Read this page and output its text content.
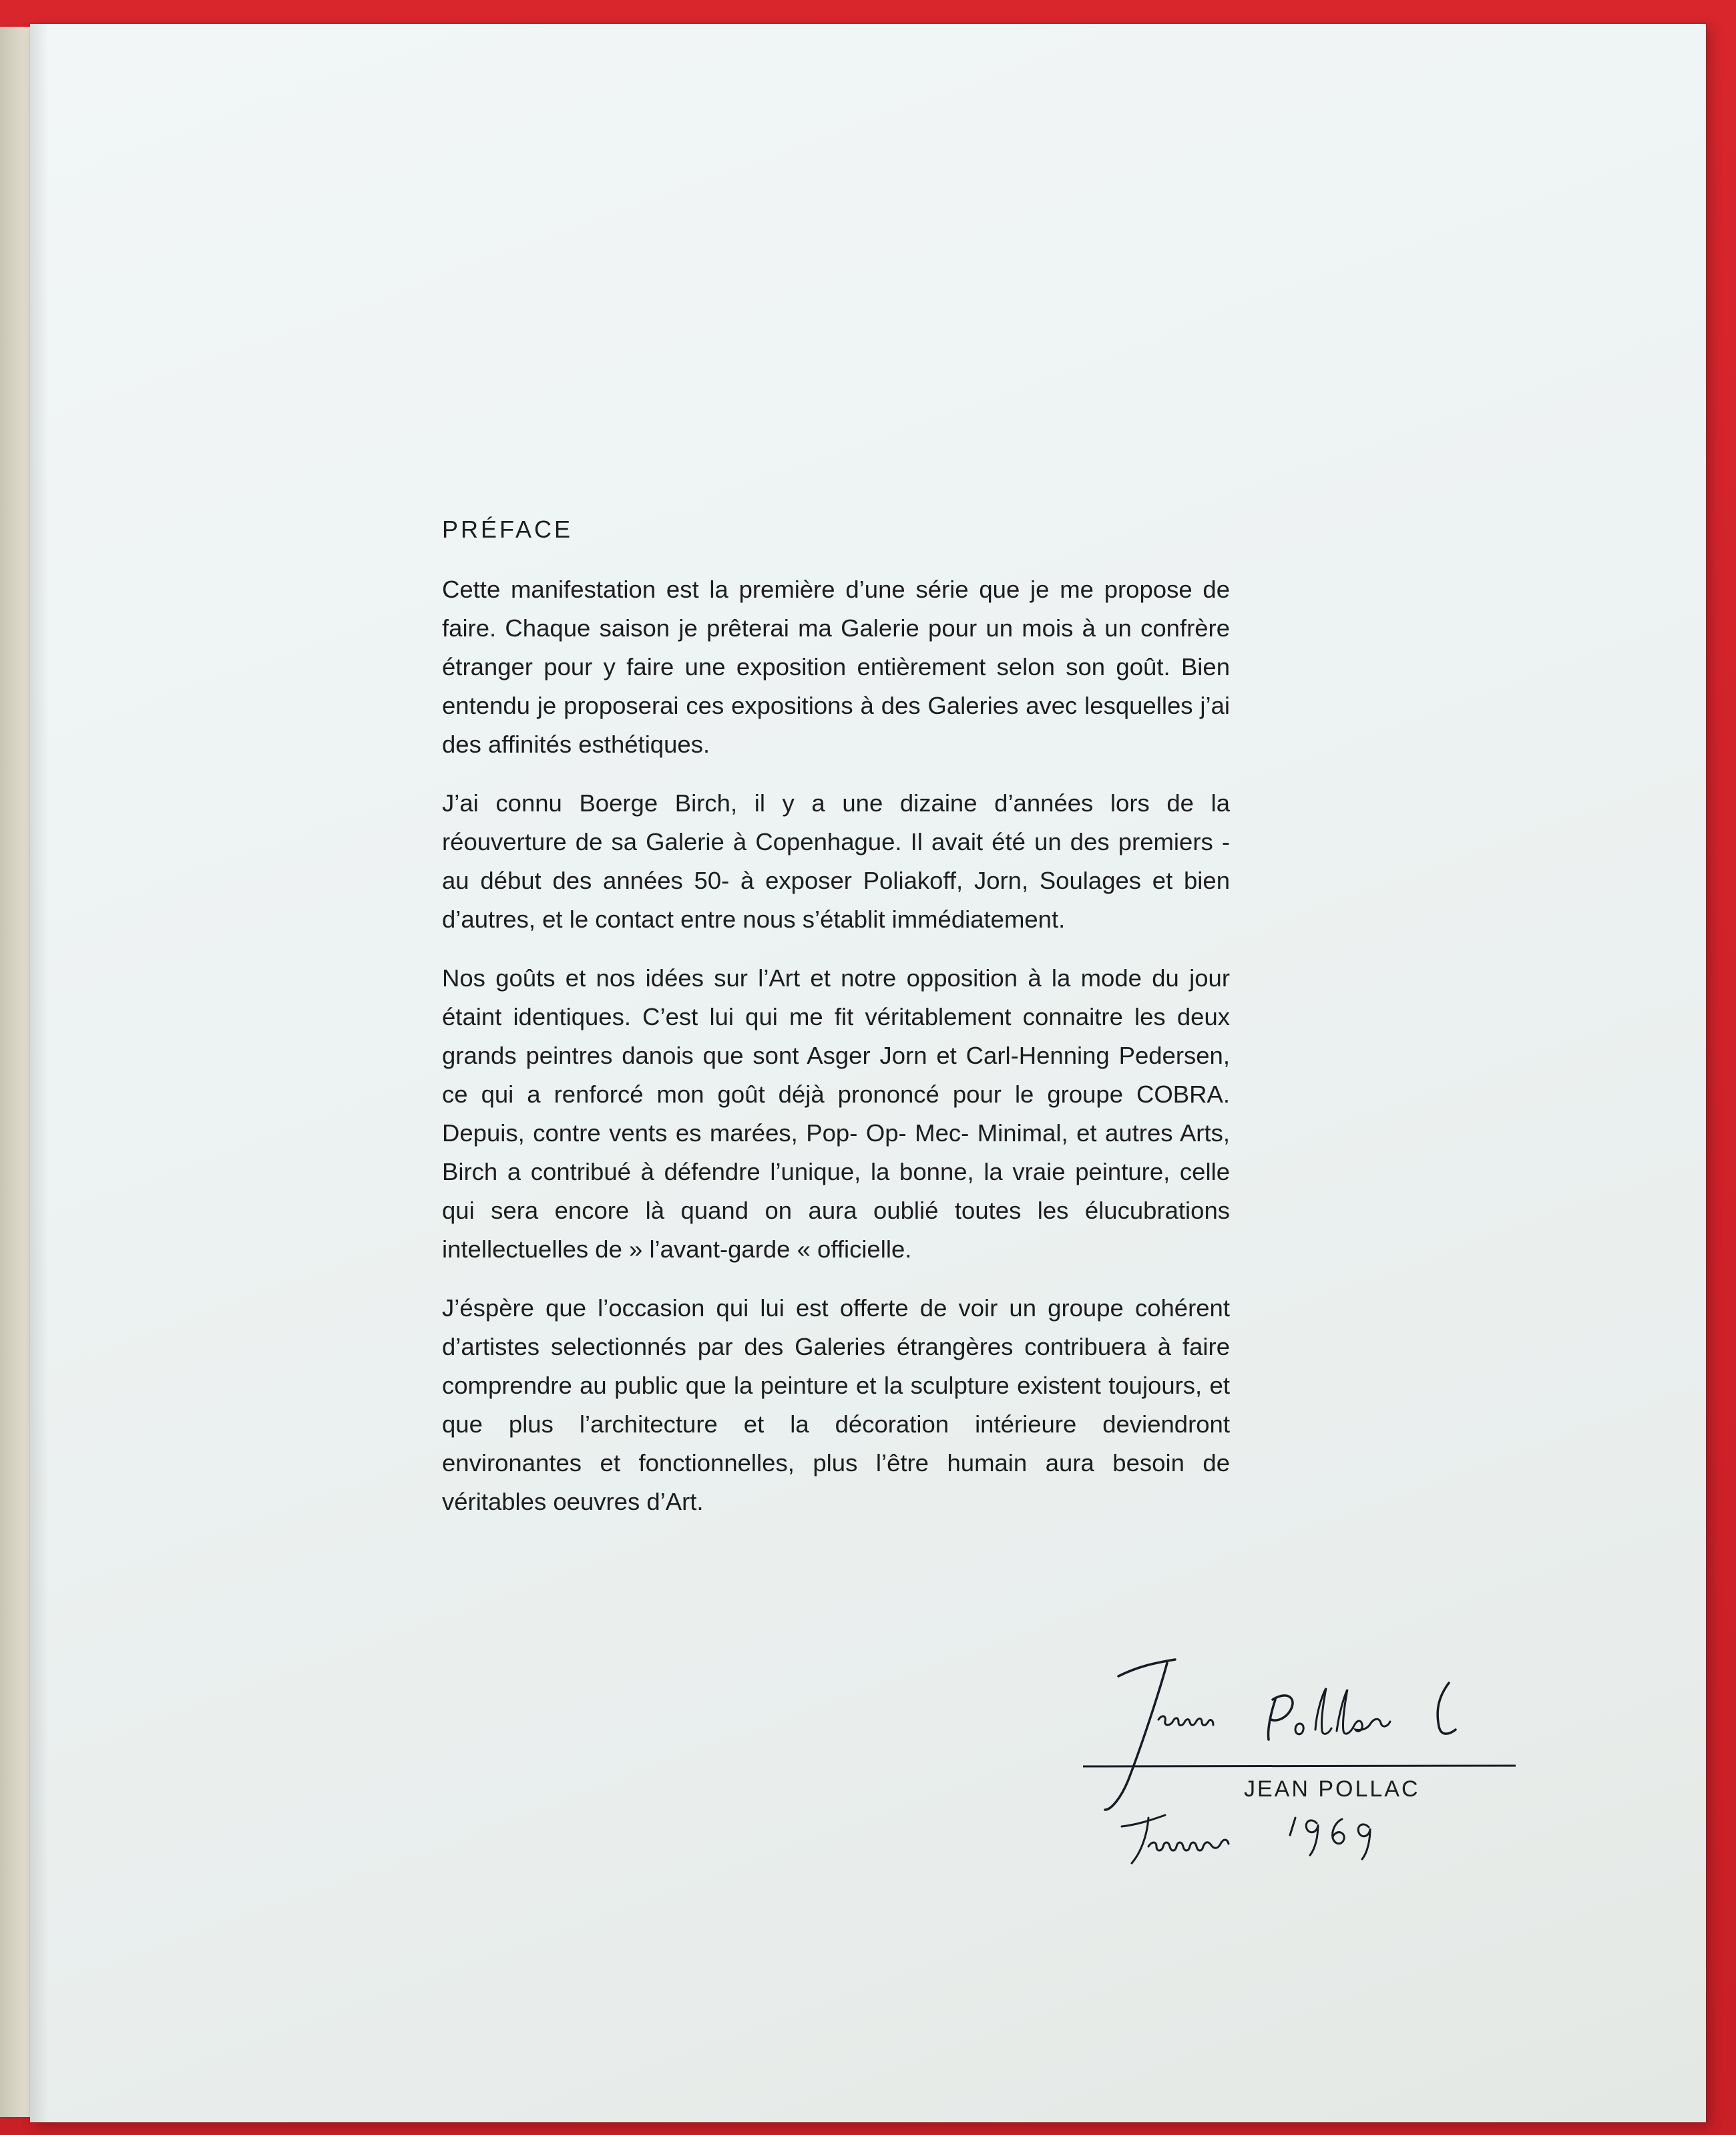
PRÉFACE

Cette manifestation est la première d’une série que je me propose de faire. Chaque saison je prêterai ma Galerie pour un mois à un confrère étranger pour y faire une exposition entièrement selon son goût. Bien entendu je proposerai ces expositions à des Galeries avec lesquelles j’ai des affinités esthétiques.

J’ai connu Boerge Birch, il y a une dizaine d’années lors de la réouverture de sa Galerie à Copenhague. Il avait été un des premiers -au début des années 50- à exposer Poliakoff, Jorn, Soulages et bien d’autres, et le contact entre nous s’établit immédiatement.

Nos goûts et nos idées sur l’Art et notre opposition à la mode du jour étaint identiques. C’est lui qui me fit véritablement connaitre les deux grands peintres danois que sont Asger Jorn et Carl-Henning Pedersen, ce qui a renforcé mon goût déjà prononcé pour le groupe COBRA. Depuis, contre vents es marées, Pop- Op- Mec- Minimal, et autres Arts, Birch a contribué à défendre l’unique, la bonne, la vraie peinture, celle qui sera encore là quand on aura oublié toutes les élucubrations intellectuelles de » l’avant-garde « officielle.

J’éspère que l’occasion qui lui est offerte de voir un groupe cohérent d’artistes selectionnés par des Galeries étrangères contribuera à faire comprendre au public que la peinture et la sculpture existent toujours, et que plus l’architecture et la décoration intérieure deviendront environantes et fonctionnelles, plus l’être humain aura besoin de véritables oeuvres d’Art.

JEAN POLLAC
